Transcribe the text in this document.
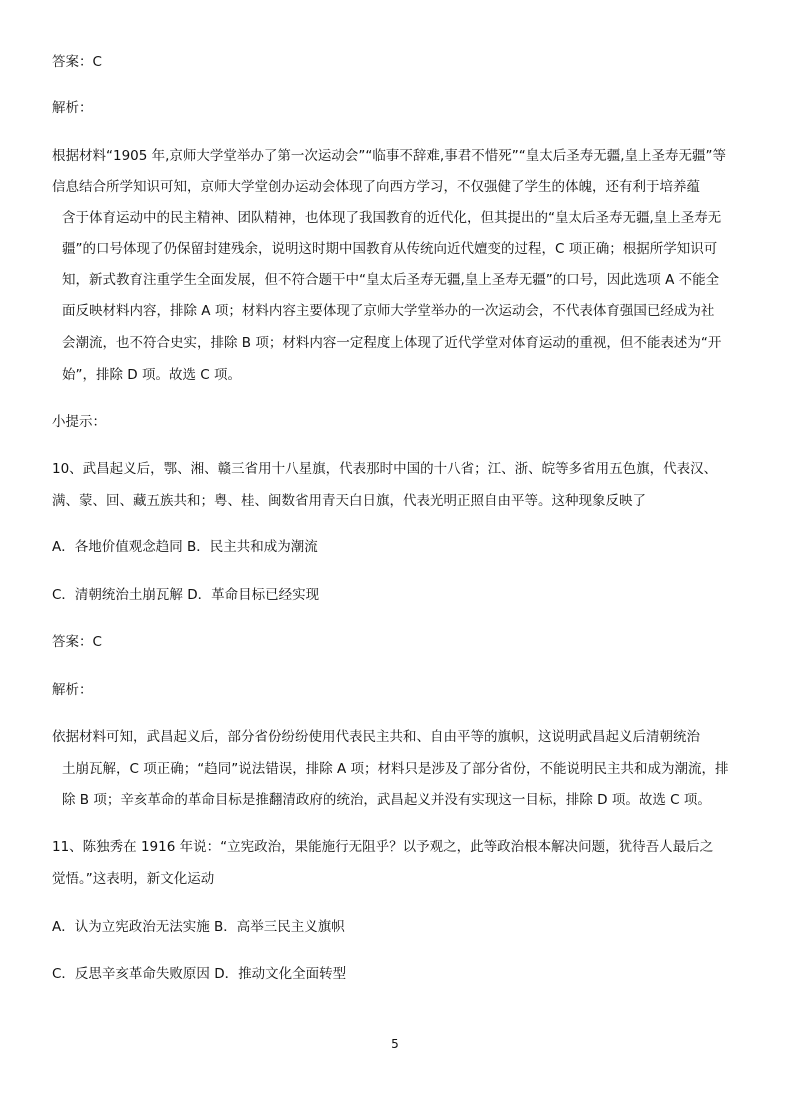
答案：C
解析：
根据材料“1905 年,京师大学堂举办了第一次运动会”“临事不辞难,事君不惜死”“皇太后圣寿无疆,皇上圣寿无疆”等
信息结合所学知识可知，京师大学堂创办运动会体现了向西方学习，不仅强健了学生的体魄，还有利于培养蕴
含于体育运动中的民主精神、团队精神，也体现了我国教育的近代化，但其提出的“皇太后圣寿无疆,皇上圣寿无
疆”的口号体现了仍保留封建残余，说明这时期中国教育从传统向近代嬗变的过程，C 项正确；根据所学知识可
知，新式教育注重学生全面发展，但不符合题干中“皇太后圣寿无疆,皇上圣寿无疆”的口号，因此选项 A 不能全
面反映材料内容，排除 A 项；材料内容主要体现了京师大学堂举办的一次运动会，不代表体育强国已经成为社
会潮流，也不符合史实，排除 B 项；材料内容一定程度上体现了近代学堂对体育运动的重视，但不能表述为“开
始”，排除 D 项。故选 C 项。
小提示：
10、武昌起义后，鄂、湘、赣三省用十八星旗，代表那时中国的十八省；江、浙、皖等多省用五色旗，代表汉、
满、蒙、回、藏五族共和；粤、桂、闽数省用青天白日旗，代表光明正照自由平等。这种现象反映了
A．各地价值观念趋同 B．民主共和成为潮流
C．清朝统治土崩瓦解 D．革命目标已经实现
答案：C
解析：
依据材料可知，武昌起义后，部分省份纷纷使用代表民主共和、自由平等的旗帜，这说明武昌起义后清朝统治
土崩瓦解，C 项正确；“趋同”说法错误，排除 A 项；材料只是涉及了部分省份，不能说明民主共和成为潮流，排
除 B 项；辛亥革命的革命目标是推翻清政府的统治，武昌起义并没有实现这一目标，排除 D 项。故选 C 项。
11、陈独秀在 1916 年说：“立宪政治，果能施行无阻乎？以予观之，此等政治根本解决问题，犹待吾人最后之
觉悟。”这表明，新文化运动
A．认为立宪政治无法实施 B．高举三民主义旗帜
C．反思辛亥革命失败原因 D．推动文化全面转型
5
